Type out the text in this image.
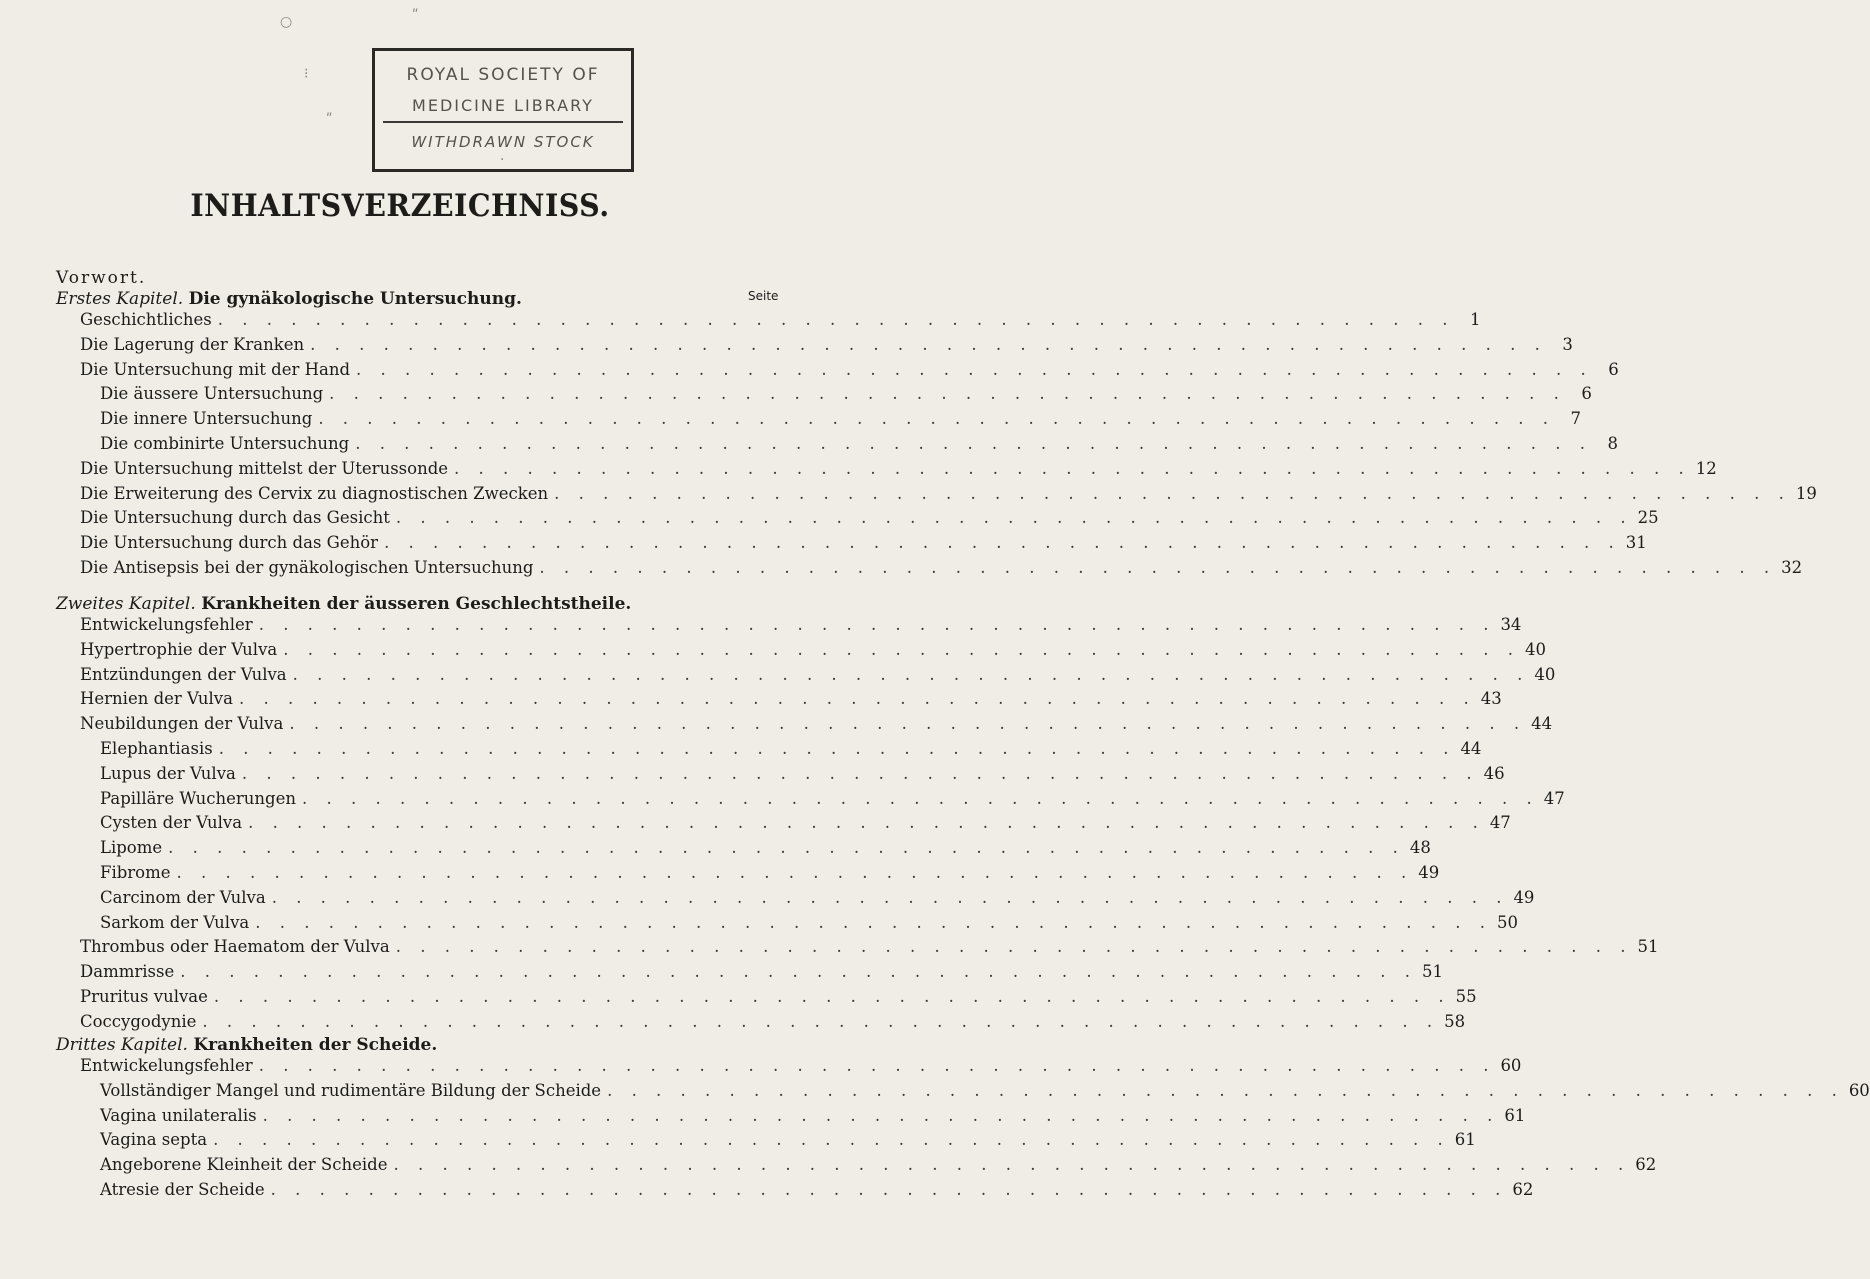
ROYAL SOCIETY OF
MEDICINE LIBRARY
WITHDRAWN STOCK
○	ʺ
⁝
ʺ
·
INHALTSVERZEICHNISS.
Vorwort.
Seite
Erstes Kapitel. Die gynäkologische Untersuchung.
Geschichtliches . . . . . . . . . . . . . . . . . . . . . . . . . . . . . . . . . . . . . . . . . . . . . . . . . . . 1
Die Lagerung der Kranken . . . . . . . . . . . . . . . . . . . . . . . . . . . . . . . . . . . . . . . . . . . . . . . . . . . 3
Die Untersuchung mit der Hand . . . . . . . . . . . . . . . . . . . . . . . . . . . . . . . . . . . . . . . . . . . . . . . . . . . 6
Die äussere Untersuchung . . . . . . . . . . . . . . . . . . . . . . . . . . . . . . . . . . . . . . . . . . . . . . . . . . . 6
Die innere Untersuchung . . . . . . . . . . . . . . . . . . . . . . . . . . . . . . . . . . . . . . . . . . . . . . . . . . . 7
Die combinirte Untersuchung . . . . . . . . . . . . . . . . . . . . . . . . . . . . . . . . . . . . . . . . . . . . . . . . . . . 8
Die Untersuchung mittelst der Uterussonde . . . . . . . . . . . . . . . . . . . . . . . . . . . . . . . . . . . . . . . . . . . . . . . . . . . 12
Die Erweiterung des Cervix zu diagnostischen Zwecken . . . . . . . . . . . . . . . . . . . . . . . . . . . . . . . . . . . . . . . . . . . . . . . . . . . 19
Die Untersuchung durch das Gesicht . . . . . . . . . . . . . . . . . . . . . . . . . . . . . . . . . . . . . . . . . . . . . . . . . . . 25
Die Untersuchung durch das Gehör . . . . . . . . . . . . . . . . . . . . . . . . . . . . . . . . . . . . . . . . . . . . . . . . . . . 31
Die Antisepsis bei der gynäkologischen Untersuchung . . . . . . . . . . . . . . . . . . . . . . . . . . . . . . . . . . . . . . . . . . . . . . . . . . . 32
Zweites Kapitel. Krankheiten der äusseren Geschlechtstheile.
Entwickelungsfehler . . . . . . . . . . . . . . . . . . . . . . . . . . . . . . . . . . . . . . . . . . . . . . . . . . . 34
Hypertrophie der Vulva . . . . . . . . . . . . . . . . . . . . . . . . . . . . . . . . . . . . . . . . . . . . . . . . . . . 40
Entzündungen der Vulva . . . . . . . . . . . . . . . . . . . . . . . . . . . . . . . . . . . . . . . . . . . . . . . . . . . 40
Hernien der Vulva . . . . . . . . . . . . . . . . . . . . . . . . . . . . . . . . . . . . . . . . . . . . . . . . . . . 43
Neubildungen der Vulva . . . . . . . . . . . . . . . . . . . . . . . . . . . . . . . . . . . . . . . . . . . . . . . . . . . 44
Elephantiasis . . . . . . . . . . . . . . . . . . . . . . . . . . . . . . . . . . . . . . . . . . . . . . . . . . . 44
Lupus der Vulva . . . . . . . . . . . . . . . . . . . . . . . . . . . . . . . . . . . . . . . . . . . . . . . . . . . 46
Papilläre Wucherungen . . . . . . . . . . . . . . . . . . . . . . . . . . . . . . . . . . . . . . . . . . . . . . . . . . . 47
Cysten der Vulva . . . . . . . . . . . . . . . . . . . . . . . . . . . . . . . . . . . . . . . . . . . . . . . . . . . 47
Lipome . . . . . . . . . . . . . . . . . . . . . . . . . . . . . . . . . . . . . . . . . . . . . . . . . . . 48
Fibrome . . . . . . . . . . . . . . . . . . . . . . . . . . . . . . . . . . . . . . . . . . . . . . . . . . . 49
Carcinom der Vulva . . . . . . . . . . . . . . . . . . . . . . . . . . . . . . . . . . . . . . . . . . . . . . . . . . . 49
Sarkom der Vulva . . . . . . . . . . . . . . . . . . . . . . . . . . . . . . . . . . . . . . . . . . . . . . . . . . . 50
Thrombus oder Haematom der Vulva . . . . . . . . . . . . . . . . . . . . . . . . . . . . . . . . . . . . . . . . . . . . . . . . . . . 51
Dammrisse . . . . . . . . . . . . . . . . . . . . . . . . . . . . . . . . . . . . . . . . . . . . . . . . . . . 51
Pruritus vulvae . . . . . . . . . . . . . . . . . . . . . . . . . . . . . . . . . . . . . . . . . . . . . . . . . . . 55
Coccygodynie . . . . . . . . . . . . . . . . . . . . . . . . . . . . . . . . . . . . . . . . . . . . . . . . . . . 58
Drittes Kapitel. Krankheiten der Scheide.
Entwickelungsfehler . . . . . . . . . . . . . . . . . . . . . . . . . . . . . . . . . . . . . . . . . . . . . . . . . . . 60
Vollständiger Mangel und rudimentäre Bildung der Scheide . . . . . . . . . . . . . . . . . . . . . . . . . . . . . . . . . . . . . . . . . . . . . . . . . . . 60
Vagina unilateralis . . . . . . . . . . . . . . . . . . . . . . . . . . . . . . . . . . . . . . . . . . . . . . . . . . . 61
Vagina septa . . . . . . . . . . . . . . . . . . . . . . . . . . . . . . . . . . . . . . . . . . . . . . . . . . . 61
Angeborene Kleinheit der Scheide . . . . . . . . . . . . . . . . . . . . . . . . . . . . . . . . . . . . . . . . . . . . . . . . . . . 62
Atresie der Scheide . . . . . . . . . . . . . . . . . . . . . . . . . . . . . . . . . . . . . . . . . . . . . . . . . . . 62
